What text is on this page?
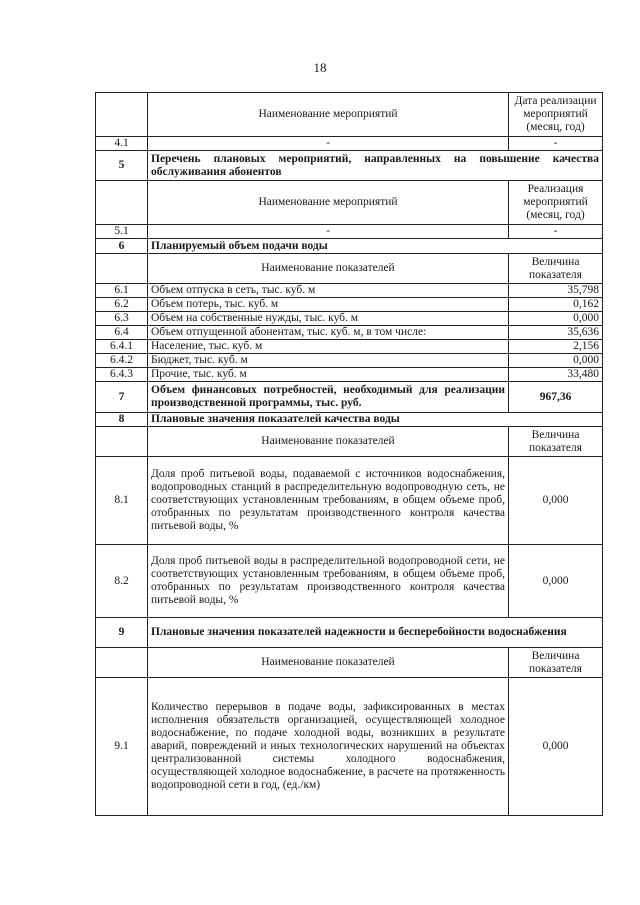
18
	Наименование мероприятий	Дата реализации мероприятий (месяц, год)
4.1	-	-
5	Перечень плановых мероприятий, направленных на повышение качества обслуживания абонентов	
	Наименование мероприятий	Реализация мероприятий (месяц, год)
5.1	-	-
6	Планируемый объем подачи воды	
	Наименование показателей	Величина показателя
6.1	Объем отпуска в сеть, тыс. куб. м	35,798
6.2	Объем потерь, тыс. куб. м	0,162
6.3	Объем на собственные нужды, тыс. куб. м	0,000
6.4	Объем отпущенной абонентам, тыс. куб. м, в том числе:	35,636
6.4.1	Население, тыс. куб. м	2,156
6.4.2	Бюджет, тыс. куб. м	0,000
6.4.3	Прочие, тыс. куб. м	33,480
7	Объем финансовых потребностей, необходимый для реализации производственной программы, тыс. руб.	967,36
8	Плановые значения показателей качества воды	
	Наименование показателей	Величина показателя
8.1	Доля проб питьевой воды, подаваемой с источников водоснабжения, водопроводных станций в распределительную водопроводную сеть, не соответствующих установленным требованиям, в общем объеме проб, отобранных по результатам производственного контроля качества питьевой воды, %	0,000
8.2	Доля проб питьевой воды в распределительной водопроводной сети, не соответствующих установленным требованиям, в общем объеме проб, отобранных по результатам производственного контроля качества питьевой воды, %	0,000
9	Плановые значения показателей надежности и бесперебойности водоснабжения	
	Наименование показателей	Величина показателя
9.1	Количество перерывов в подаче воды, зафиксированных в местах исполнения обязательств организацией, осуществляющей холодное водоснабжение, по подаче холодной воды, возникших в результате аварий, повреждений и иных технологических нарушений на объектах централизованной системы холодного водоснабжения, осуществляющей холодное водоснабжение, в расчете на протяженность водопроводной сети в год, (ед./км)	0,000
